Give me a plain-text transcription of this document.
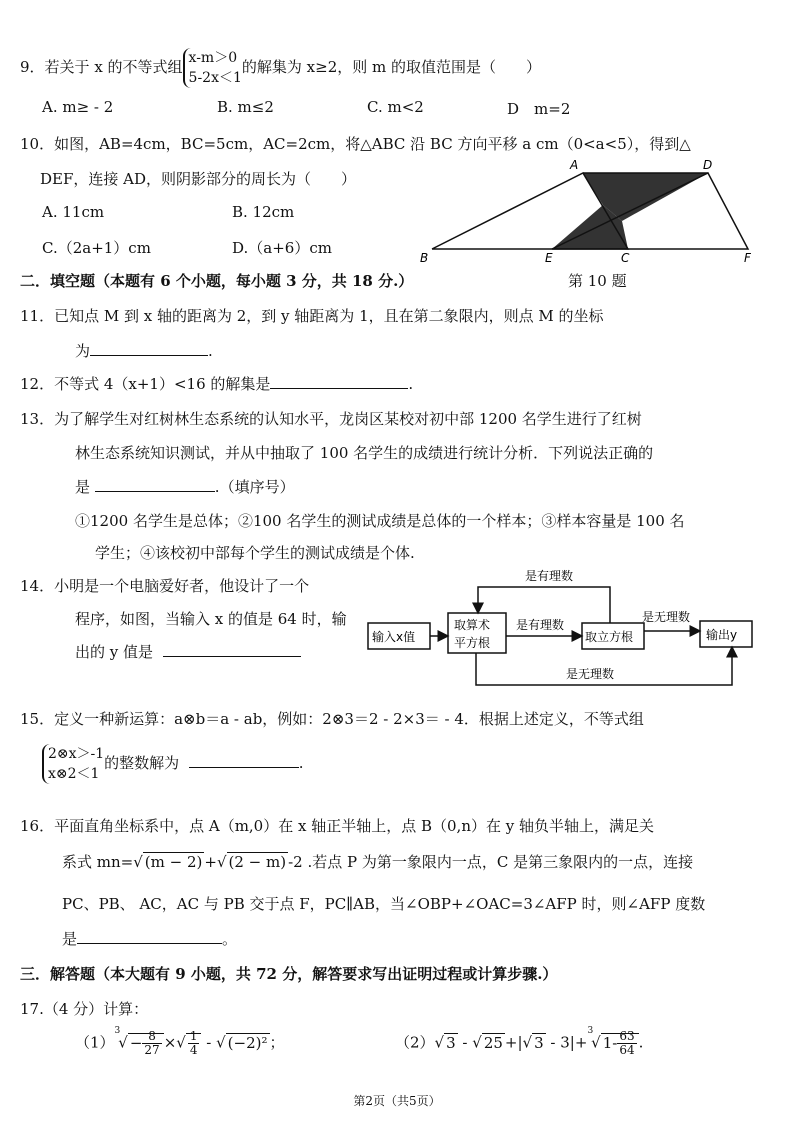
9．若关于 x 的不等式组 x-m＞0
5-2x＜1
的解集为 x≥2，则 m 的取值范围是（　　）
A. m≥ - 2	B. m≤2	C. m<2	D　m=2
10．如图，AB=4cm，BC=5cm，AC=2cm，将△ABC 沿 BC 方向平移 a cm（0<a<5），得到△
DEF，连接 AD，则阴影部分的周长为（　　）
A. 11cm	B. 12cm
C.（2a+1）cm	D.（a+6）cm
A	D
B	E	C	F
二．填空题（本题有 6 个小题，每小题 3 分，共 18 分.）	第 10 题
11．已知点 M 到 x 轴的距离为 2，到 y 轴距离为 1，且在第二象限内，则点 M 的坐标
为	.
12．不等式 4（x+1）<16 的解集是	.
13．为了解学生对红树林生态系统的认知水平，龙岗区某校对初中部 1200 名学生进行了红树
林生态系统知识测试，并从中抽取了 100 名学生的成绩进行统计分析．下列说法正确的
是	.（填序号）
①1200 名学生是总体；②100 名学生的测试成绩是总体的一个样本；③样本容量是 100 名
学生；④该校初中部每个学生的测试成绩是个体.
14．小明是一个电脑爱好者，他设计了一个
程序，如图，当输入 x 的值是 64 时，输
出的 y 值是
输入x值
取算术
平方根	取立方根	输出y
是有理数
是有理数
是无理数
是无理数
15．定义一种新运算：a⊗b＝a - ab，例如：2⊗3＝2 - 2×3＝ - 4．根据上述定义，不等式组
2⊗x＞-1
x⊗2＜1
的整数解为	.
16．平面直角坐标系中，点 A（m,0）在 x 轴正半轴上，点 B（0,n）在 y 轴负半轴上，满足关
系式 mn=√ (m − 2) +√ (2 − m) -2 .若点 P 为第一象限内一点，C 是第三象限内的一点，连接
PC、PB、 AC，AC 与 PB 交于点 F，PC∥AB，当∠OBP+∠OAC=3∠AFP 时，则∠AFP 度数
是	。
三．解答题（本大题有 9 小题，共 72 分，解答要求写出证明过程或计算步骤.）
17.（4 分）计算：
$(1)^3√ - \frac{8}{27}$ ×√ $\frac{1}{4}$ - √ (−2)² ；	（2）√ 3 - √ 25 +|√ 3 - 3|+$^3$√ $1- \frac{63}{64}$ .
第2页（共5页）
